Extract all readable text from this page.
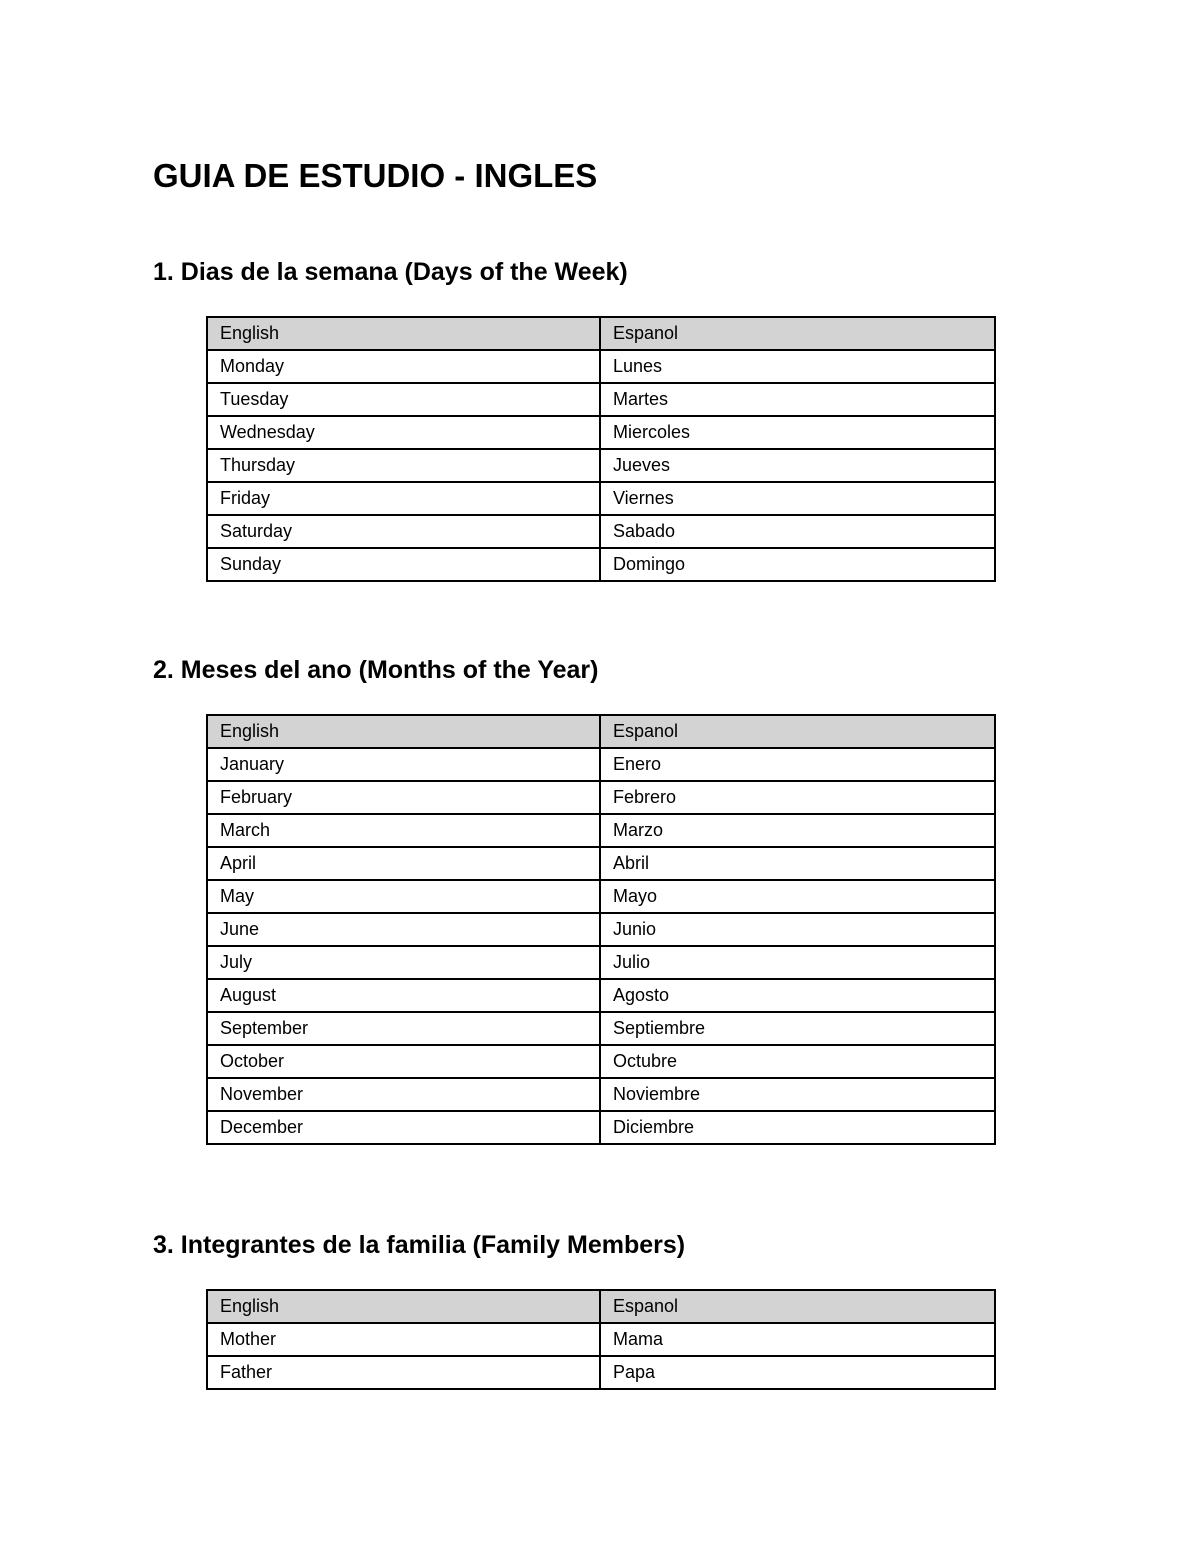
GUIA DE ESTUDIO - INGLES
1. Dias de la semana (Days of the Week)
English	Espanol
Monday	Lunes
Tuesday	Martes
Wednesday	Miercoles
Thursday	Jueves
Friday	Viernes
Saturday	Sabado
Sunday	Domingo
2. Meses del ano (Months of the Year)
English	Espanol
January	Enero
February	Febrero
March	Marzo
April	Abril
May	Mayo
June	Junio
July	Julio
August	Agosto
September	Septiembre
October	Octubre
November	Noviembre
December	Diciembre
3. Integrantes de la familia (Family Members)
English	Espanol
Mother	Mama
Father	Papa
